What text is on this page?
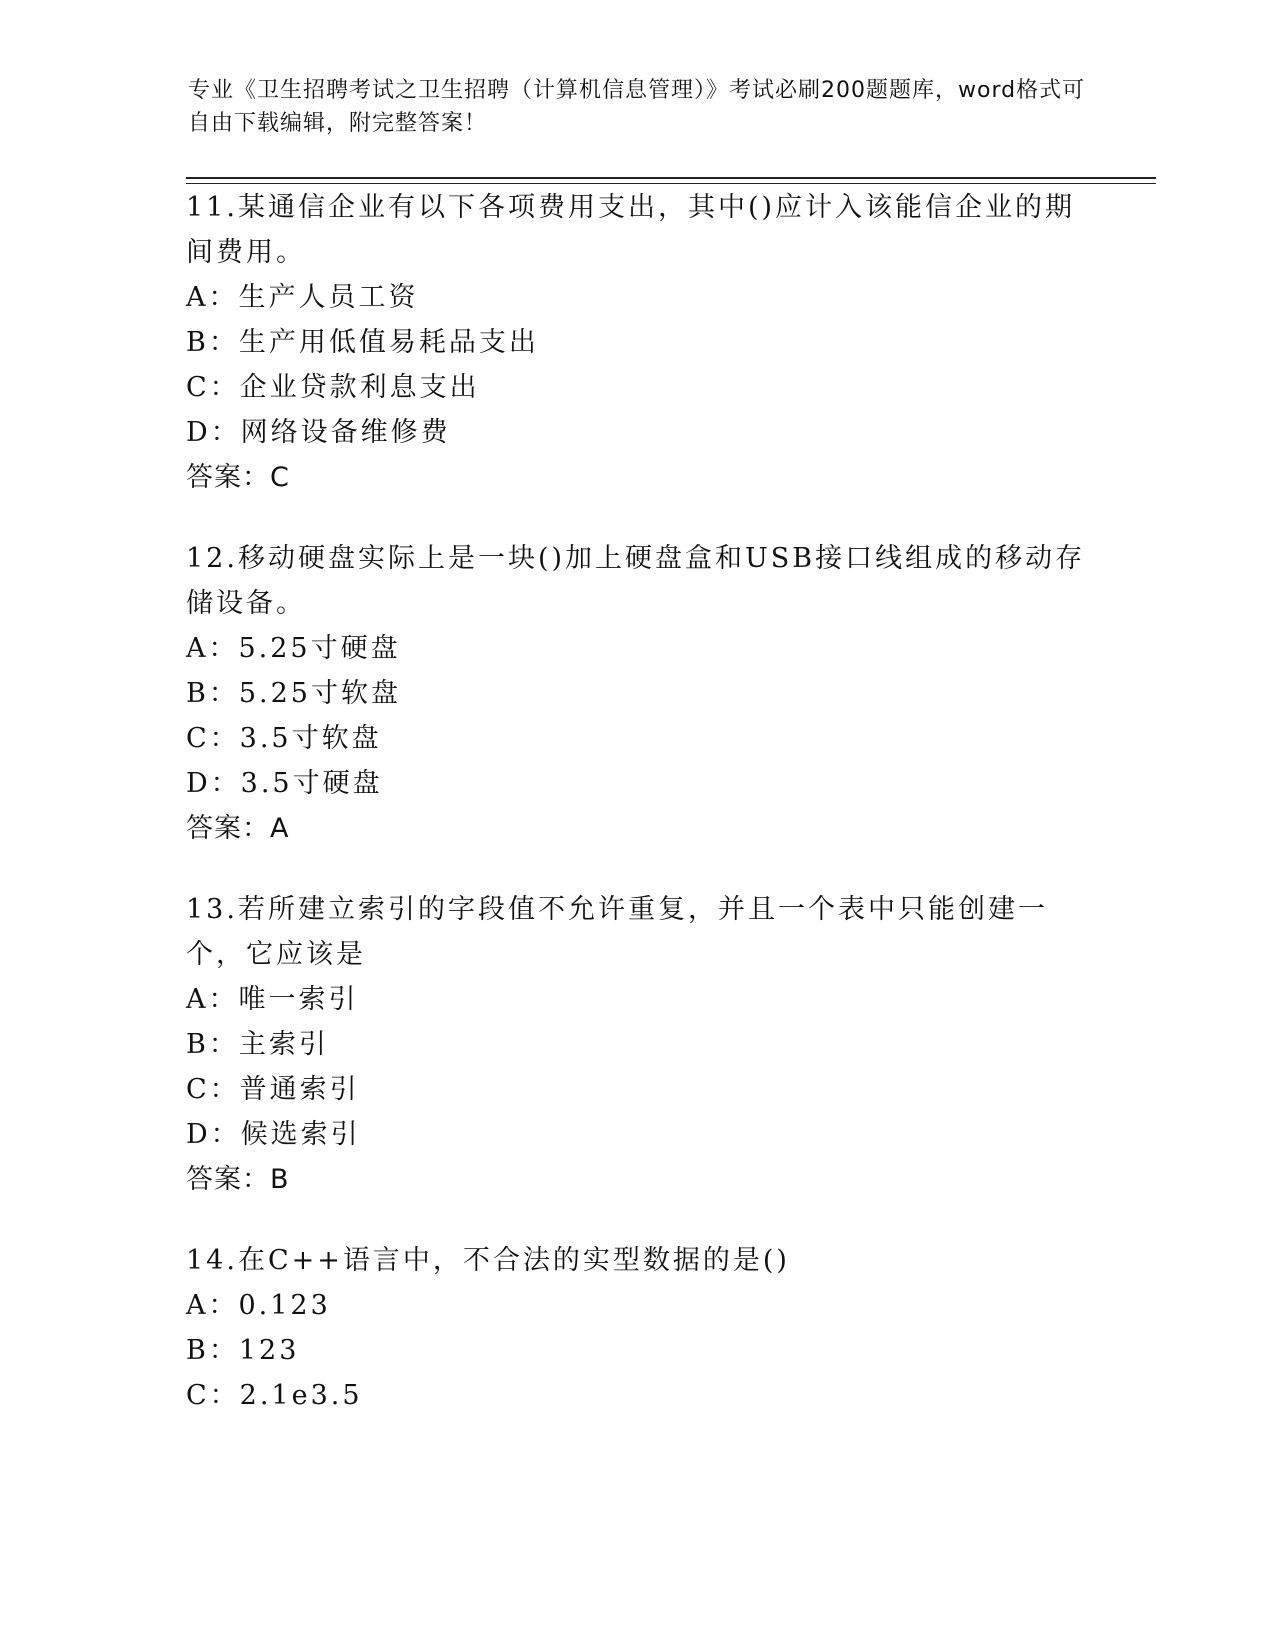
专业《卫生招聘考试之卫生招聘（计算机信息管理）》考试必刷200题题库，word格式可自由下载编辑，附完整答案！

11.某通信企业有以下各项费用支出，其中()应计入该能信企业的期间费用。

A：生产人员工资

B：生产用低值易耗品支出

C：企业贷款利息支出

D：网络设备维修费

答案：C

12.移动硬盘实际上是一块()加上硬盘盒和USB接口线组成的移动存储设备。

A：5.25寸硬盘

B：5.25寸软盘

C：3.5寸软盘

D：3.5寸硬盘

答案：A

13.若所建立索引的字段值不允许重复，并且一个表中只能创建一个，它应该是

A：唯一索引

B：主索引

C：普通索引

D：候选索引

答案：B

14.在C++语言中，不合法的实型数据的是()

A：0.123

B：123

C：2.1e3.5
